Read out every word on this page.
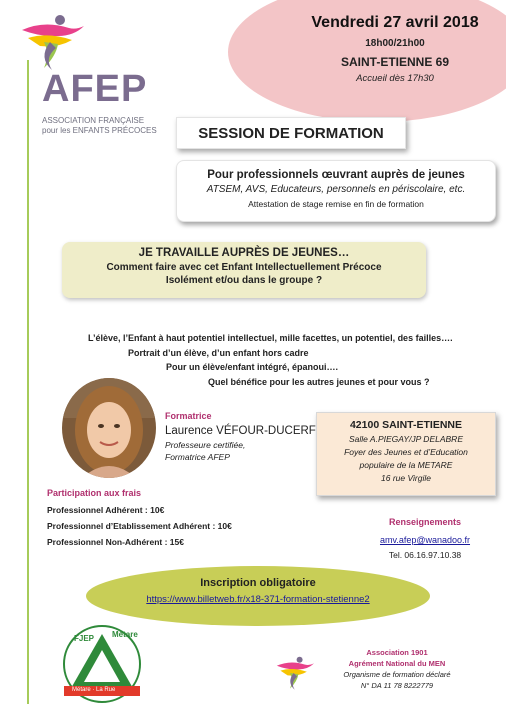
AFEP
ASSOCIATION FRANÇAISE
pour les ENFANTS PRÉCOCES
Vendredi 27 avril 2018
18h00/21h00
SAINT-ETIENNE 69
Accueil dès 17h30
SESSION DE FORMATION
Pour professionnels œuvrant auprès de jeunes
ATSEM, AVS, Educateurs, personnels en périscolaire, etc.
Attestation de stage remise en fin de formation
JE TRAVAILLE AUPRÈS DE JEUNES…
Comment faire avec cet Enfant Intellectuellement Précoce
Isolément et/ou dans le groupe ?
L’élève, l’Enfant à haut potentiel intellectuel, mille facettes, un potentiel, des failles….
Portrait d’un élève, d’un enfant hors cadre
Pour un élève/enfant intégré, épanoui….
Quel bénéfice pour les autres jeunes et pour vous ?
Formatrice
Laurence VÉFOUR-DUCERF
Professeure certifiée,
Formatrice AFEP
42100 SAINT-ETIENNE
Salle A.PIEGAY/JP DELABRE
Foyer des Jeunes et d’Education
populaire de la METARE
16 rue Virgile
Participation aux frais
Professionnel Adhérent : 10€
Professionnel d’Etablissement Adhérent : 10€
Professionnel Non-Adhérent : 15€
Renseignements
amv.afep@wanadoo.fr
Tel. 06.16.97.10.38
Inscription obligatoire
https://www.billetweb.fr/x18-371-formation-stetienne2
FJEP Métare
Métare · La Rue
Association 1901
Agrément National du MEN
Organisme de formation déclaré
N° DA 11 78 8222779
